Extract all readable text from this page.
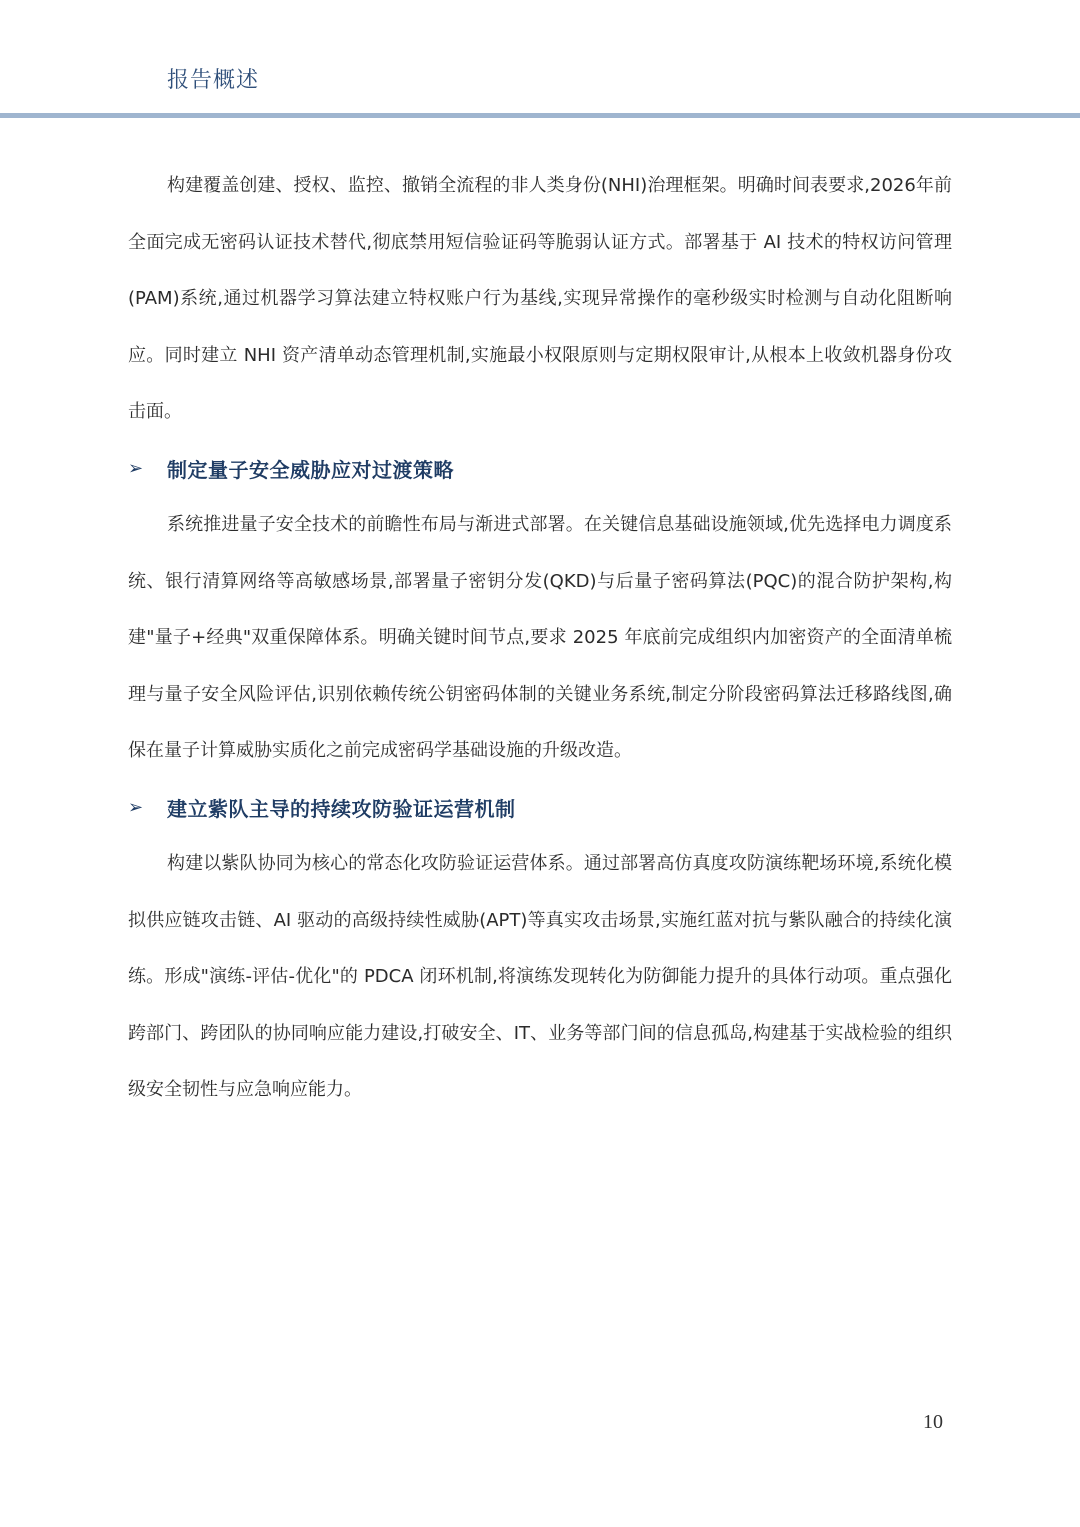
报告概述

构建覆盖创建、授权、监控、撤销全流程的非人类身份(NHI)治理框架。明确时间表要求,2026年前全面完成无密码认证技术替代,彻底禁用短信验证码等脆弱认证方式。部署基于 AI 技术的特权访问管理(PAM)系统,通过机器学习算法建立特权账户行为基线,实现异常操作的毫秒级实时检测与自动化阻断响应。同时建立 NHI 资产清单动态管理机制,实施最小权限原则与定期权限审计,从根本上收敛机器身份攻击面。

➢ 制定量子安全威胁应对过渡策略

系统推进量子安全技术的前瞻性布局与渐进式部署。在关键信息基础设施领域,优先选择电力调度系统、银行清算网络等高敏感场景,部署量子密钥分发(QKD)与后量子密码算法(PQC)的混合防护架构,构建"量子+经典"双重保障体系。明确关键时间节点,要求 2025 年底前完成组织内加密资产的全面清单梳理与量子安全风险评估,识别依赖传统公钥密码体制的关键业务系统,制定分阶段密码算法迁移路线图,确保在量子计算威胁实质化之前完成密码学基础设施的升级改造。

➢ 建立紫队主导的持续攻防验证运营机制

构建以紫队协同为核心的常态化攻防验证运营体系。通过部署高仿真度攻防演练靶场环境,系统化模拟供应链攻击链、AI 驱动的高级持续性威胁(APT)等真实攻击场景,实施红蓝对抗与紫队融合的持续化演练。形成"演练-评估-优化"的 PDCA 闭环机制,将演练发现转化为防御能力提升的具体行动项。重点强化跨部门、跨团队的协同响应能力建设,打破安全、IT、业务等部门间的信息孤岛,构建基于实战检验的组织级安全韧性与应急响应能力。

10
